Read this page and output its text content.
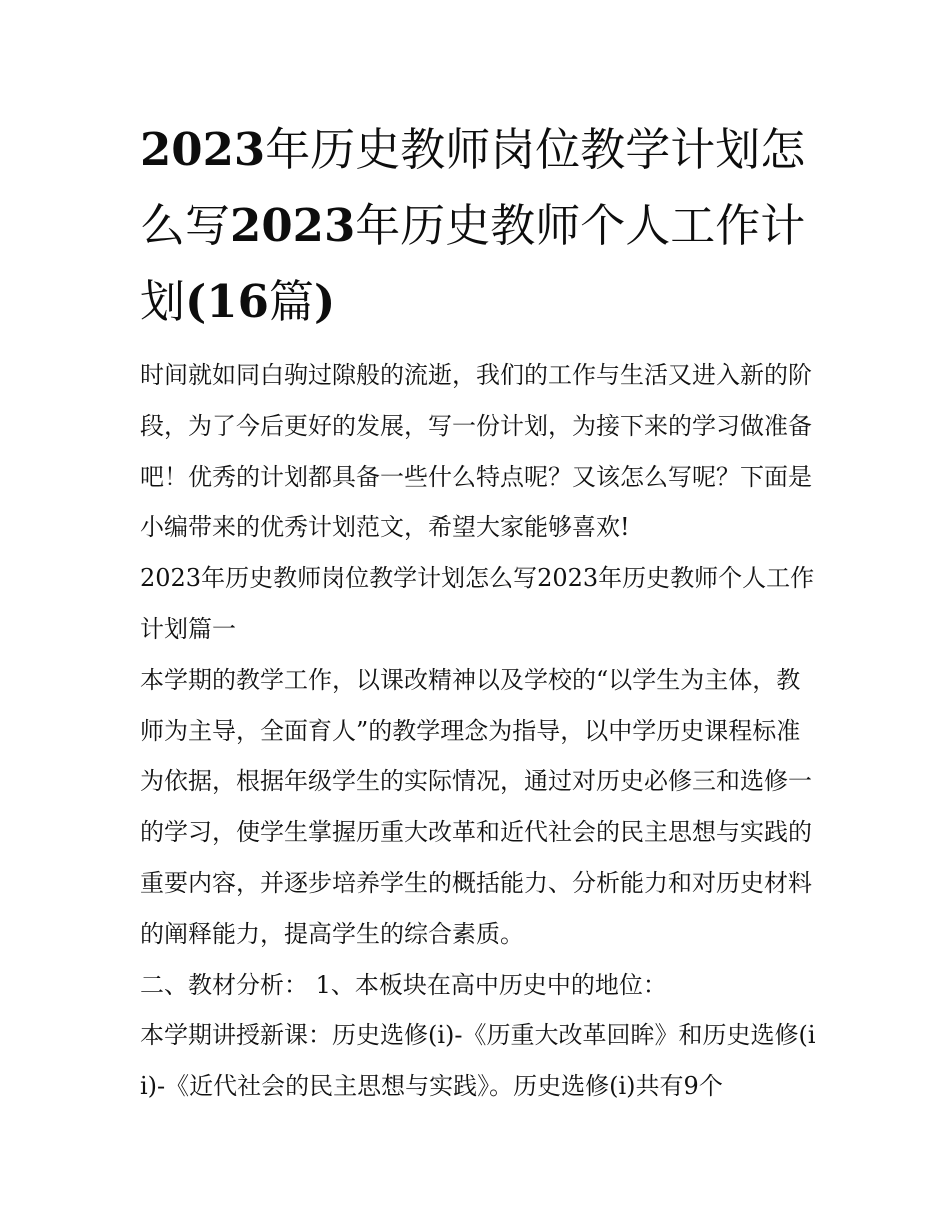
2023年历史教师岗位教学计划怎么写2023年历史教师个人工作计划(16篇)

时间就如同白驹过隙般的流逝，我们的工作与生活又进入新的阶段，为了今后更好的发展，写一份计划，为接下来的学习做准备吧！优秀的计划都具备一些什么特点呢？又该怎么写呢？下面是小编带来的优秀计划范文，希望大家能够喜欢!

2023年历史教师岗位教学计划怎么写2023年历史教师个人工作计划篇一

本学期的教学工作，以课改精神以及学校的“以学生为主体，教师为主导，全面育人”的教学理念为指导，以中学历史课程标准为依据，根据年级学生的实际情况，通过对历史必修三和选修一的学习，使学生掌握历重大改革和近代社会的民主思想与实践的重要内容，并逐步培养学生的概括能力、分析能力和对历史材料的阐释能力，提高学生的综合素质。

二、教材分析： 1、本板块在高中历史中的地位：

本学期讲授新课：历史选修(i)-《历重大改革回眸》和历史选修(ii)-《近代社会的民主思想与实践》。历史选修(i)共有9个
